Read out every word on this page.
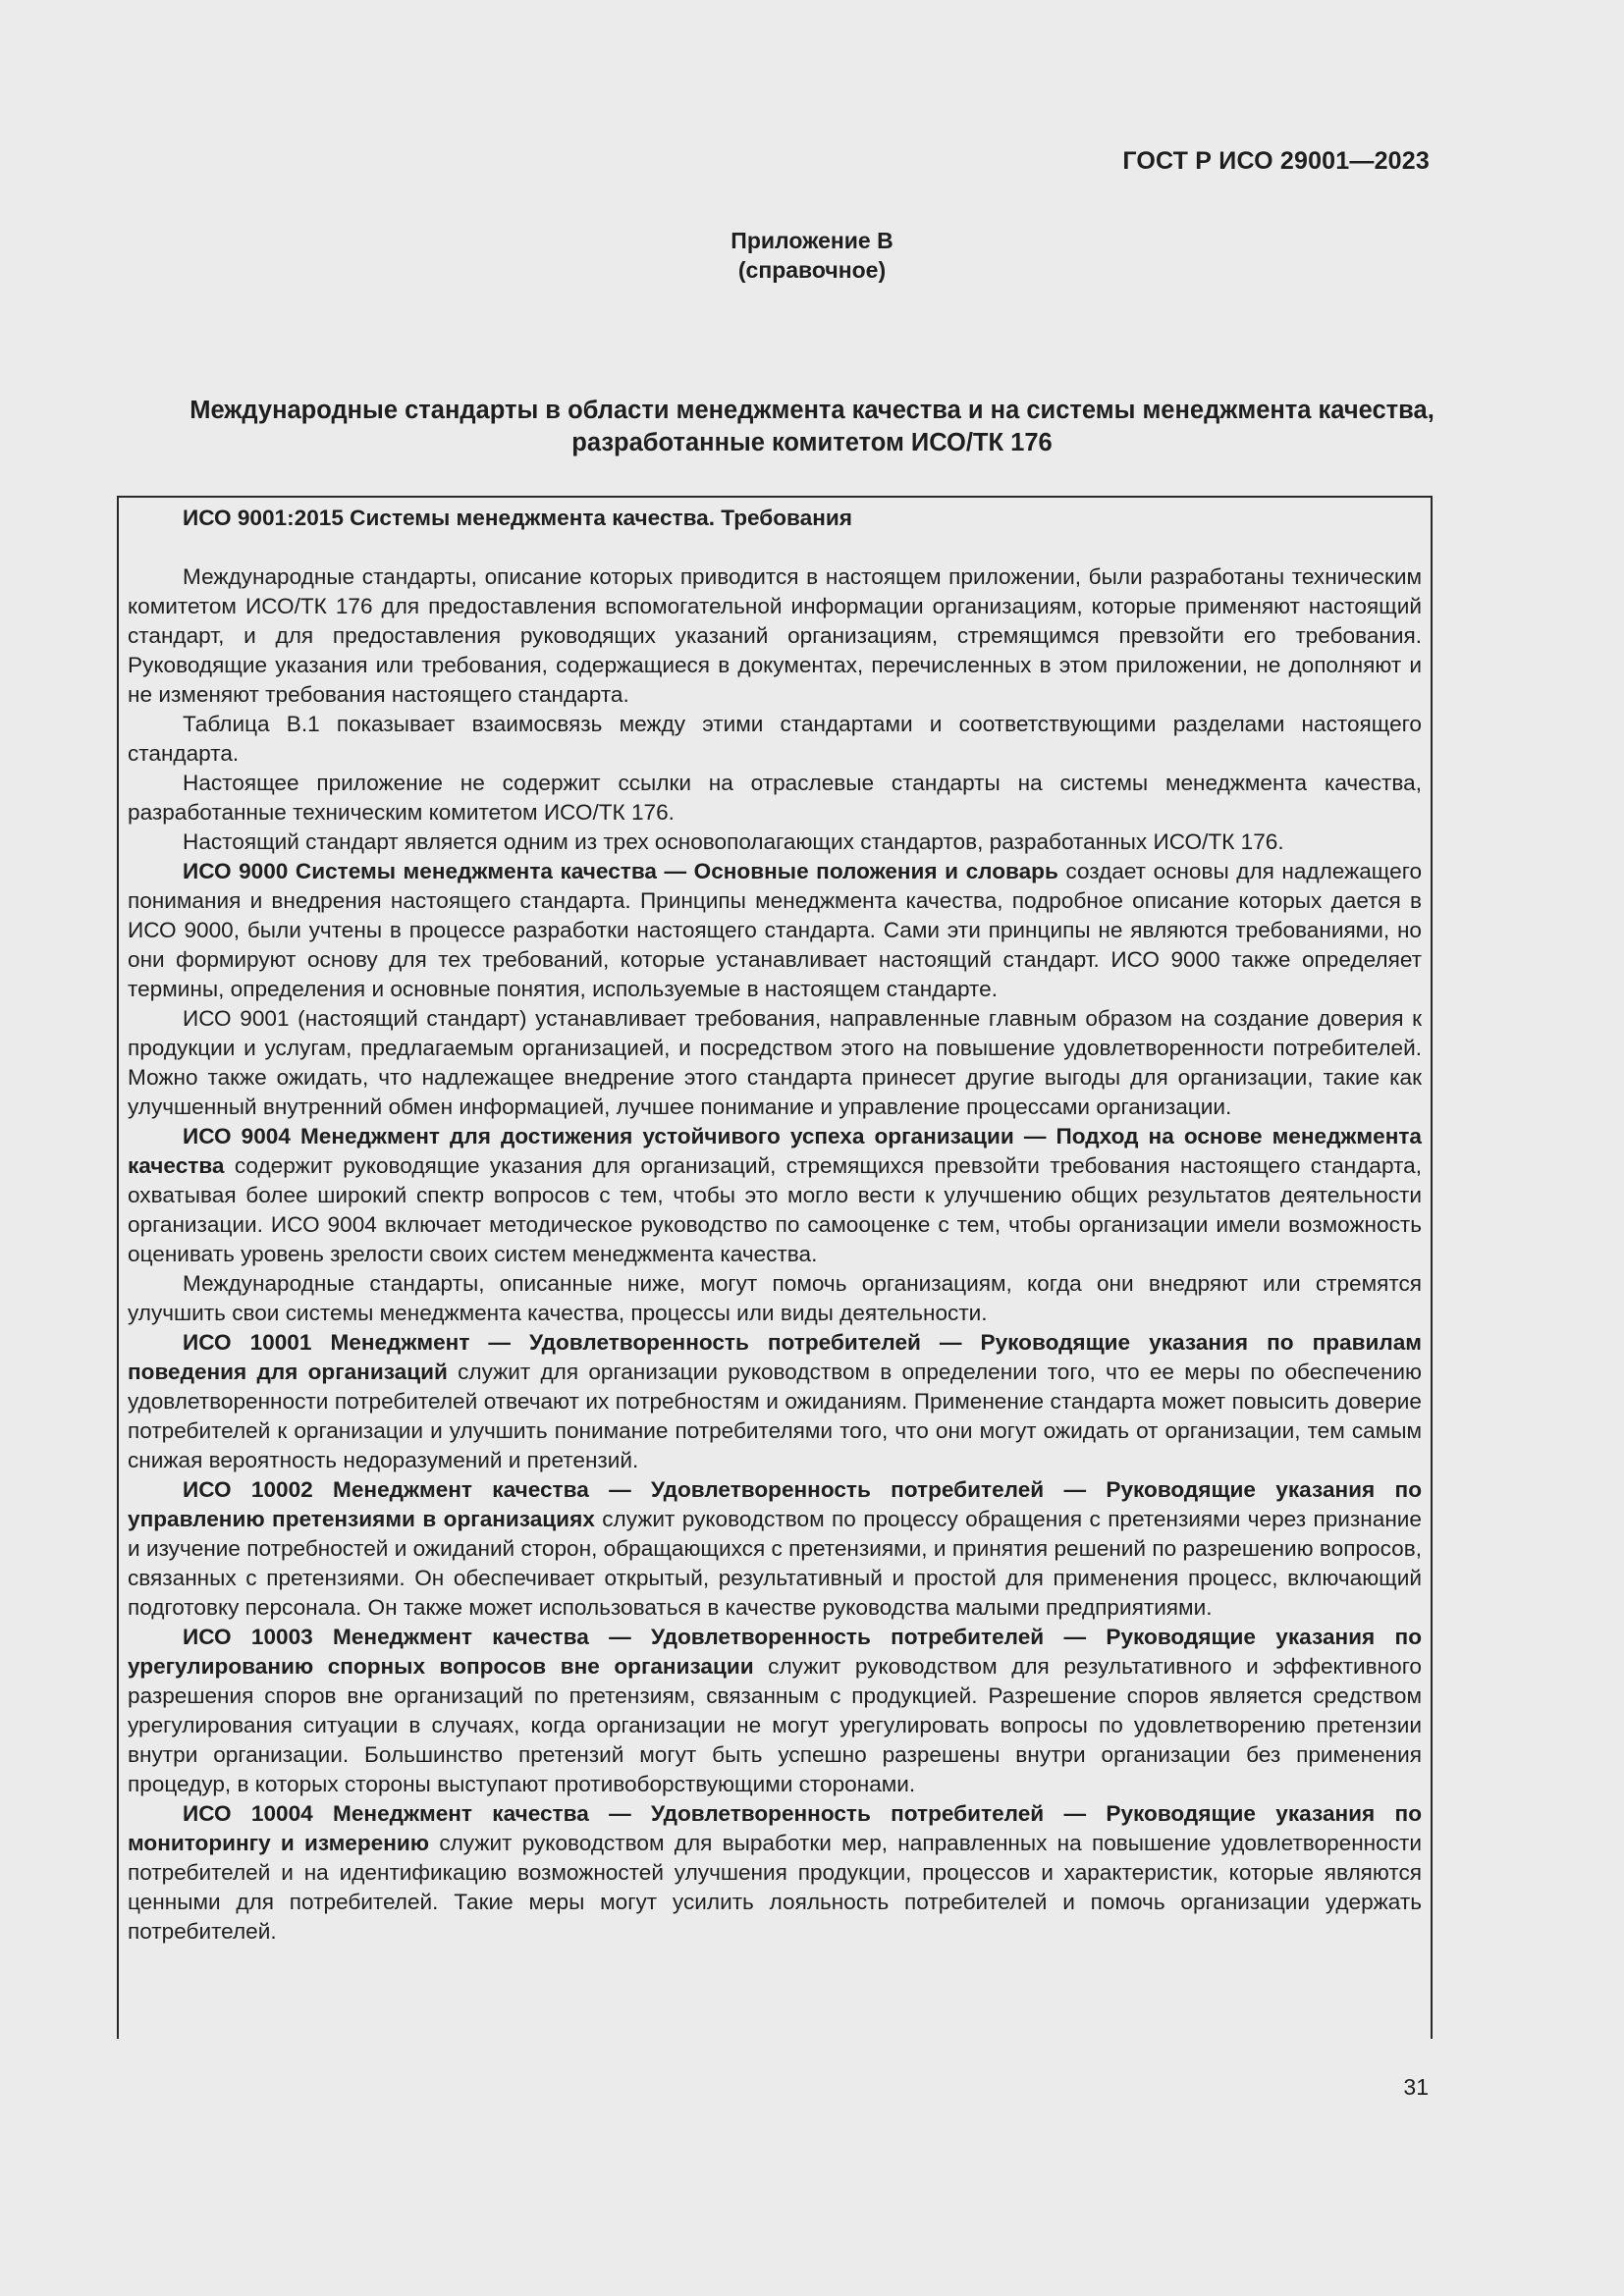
ГОСТ Р ИСО 29001—2023
Приложение В
(справочное)
Международные стандарты в области менеджмента качества и на системы менеджмента качества, разработанные комитетом ИСО/ТК 176

ИСО 9001:2015 Системы менеджмента качества. Требования

Международные стандарты, описание которых приводится в настоящем приложении, были разработаны техническим комитетом ИСО/ТК 176 для предоставления вспомогательной информации организациям, которые применяют настоящий стандарт, и для предоставления руководящих указаний организациям, стремящимся превзойти его требования. Руководящие указания или требования, содержащиеся в документах, перечисленных в этом приложении, не дополняют и не изменяют требования настоящего стандарта.

Таблица В.1 показывает взаимосвязь между этими стандартами и соответствующими разделами настоящего стандарта.

Настоящее приложение не содержит ссылки на отраслевые стандарты на системы менеджмента качества, разработанные техническим комитетом ИСО/ТК 176.

Настоящий стандарт является одним из трех основополагающих стандартов, разработанных ИСО/ТК 176.

ИСО 9000 Системы менеджмента качества — Основные положения и словарь создает основы для надлежащего понимания и внедрения настоящего стандарта. Принципы менеджмента качества, подробное описание которых дается в ИСО 9000, были учтены в процессе разработки настоящего стандарта. Сами эти принципы не являются требованиями, но они формируют основу для тех требований, которые устанавливает настоящий стандарт. ИСО 9000 также определяет термины, определения и основные понятия, используемые в настоящем стандарте.

ИСО 9001 (настоящий стандарт) устанавливает требования, направленные главным образом на создание доверия к продукции и услугам, предлагаемым организацией, и посредством этого на повышение удовлетворенности потребителей. Можно также ожидать, что надлежащее внедрение этого стандарта принесет другие выгоды для организации, такие как улучшенный внутренний обмен информацией, лучшее понимание и управление процессами организации.

ИСО 9004 Менеджмент для достижения устойчивого успеха организации — Подход на основе менеджмента качества содержит руководящие указания для организаций, стремящихся превзойти требования настоящего стандарта, охватывая более широкий спектр вопросов с тем, чтобы это могло вести к улучшению общих результатов деятельности организации. ИСО 9004 включает методическое руководство по самооценке с тем, чтобы организации имели возможность оценивать уровень зрелости своих систем менеджмента качества.

Международные стандарты, описанные ниже, могут помочь организациям, когда они внедряют или стремятся улучшить свои системы менеджмента качества, процессы или виды деятельности.

ИСО 10001 Менеджмент — Удовлетворенность потребителей — Руководящие указания по правилам поведения для организаций служит для организации руководством в определении того, что ее меры по обеспечению удовлетворенности потребителей отвечают их потребностям и ожиданиям. Применение стандарта может повысить доверие потребителей к организации и улучшить понимание потребителями того, что они могут ожидать от организации, тем самым снижая вероятность недоразумений и претензий.

ИСО 10002 Менеджмент качества — Удовлетворенность потребителей — Руководящие указания по управлению претензиями в организациях служит руководством по процессу обращения с претензиями через признание и изучение потребностей и ожиданий сторон, обращающихся с претензиями, и принятия решений по разрешению вопросов, связанных с претензиями. Он обеспечивает открытый, результативный и простой для применения процесс, включающий подготовку персонала. Он также может использоваться в качестве руководства малыми предприятиями.

ИСО 10003 Менеджмент качества — Удовлетворенность потребителей — Руководящие указания по урегулированию спорных вопросов вне организации служит руководством для результативного и эффективного разрешения споров вне организаций по претензиям, связанным с продукцией. Разрешение споров является средством урегулирования ситуации в случаях, когда организации не могут урегулировать вопросы по удовлетворению претензии внутри организации. Большинство претензий могут быть успешно разрешены внутри организации без применения процедур, в которых стороны выступают противоборствующими сторонами.

ИСО 10004 Менеджмент качества — Удовлетворенность потребителей — Руководящие указания по мониторингу и измерению служит руководством для выработки мер, направленных на повышение удовлетворенности потребителей и на идентификацию возможностей улучшения продукции, процессов и характеристик, которые являются ценными для потребителей. Такие меры могут усилить лояльность потребителей и помочь организации удержать потребителей.

31
